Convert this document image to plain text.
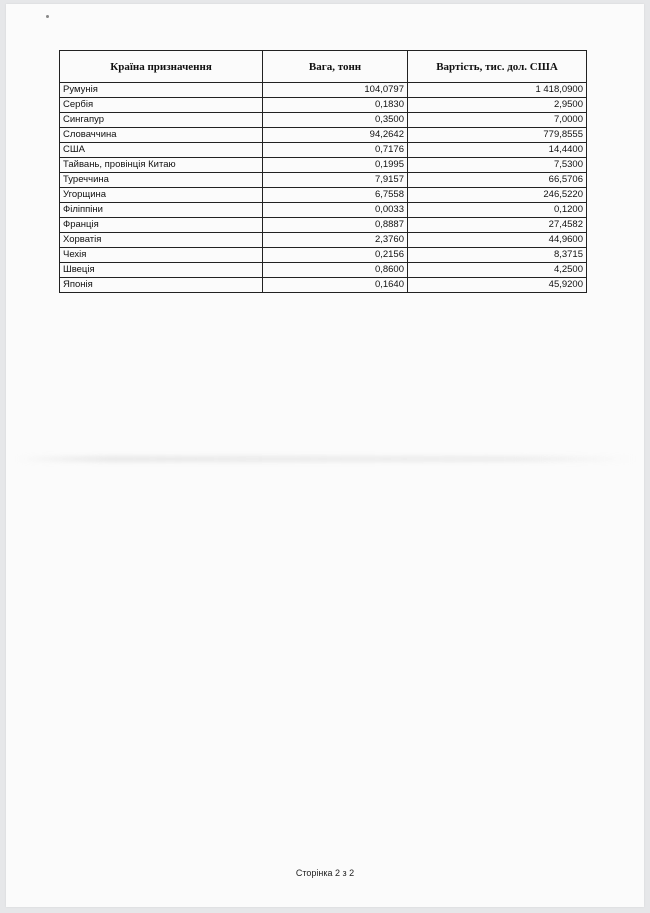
Країна призначення	Вага, тонн	Вартість, тис. дол. США
Румунія	104,0797	1 418,0900
Сербія	0,1830	2,9500
Сингапур	0,3500	7,0000
Словаччина	94,2642	779,8555
США	0,7176	14,4400
Тайвань, провінція Китаю	0,1995	7,5300
Туреччина	7,9157	66,5706
Угорщина	6,7558	246,5220
Філіппіни	0,0033	0,1200
Франція	0,8887	27,4582
Хорватія	2,3760	44,9600
Чехія	0,2156	8,3715
Швеція	0,8600	4,2500
Японія	0,1640	45,9200
Сторінка 2 з 2
